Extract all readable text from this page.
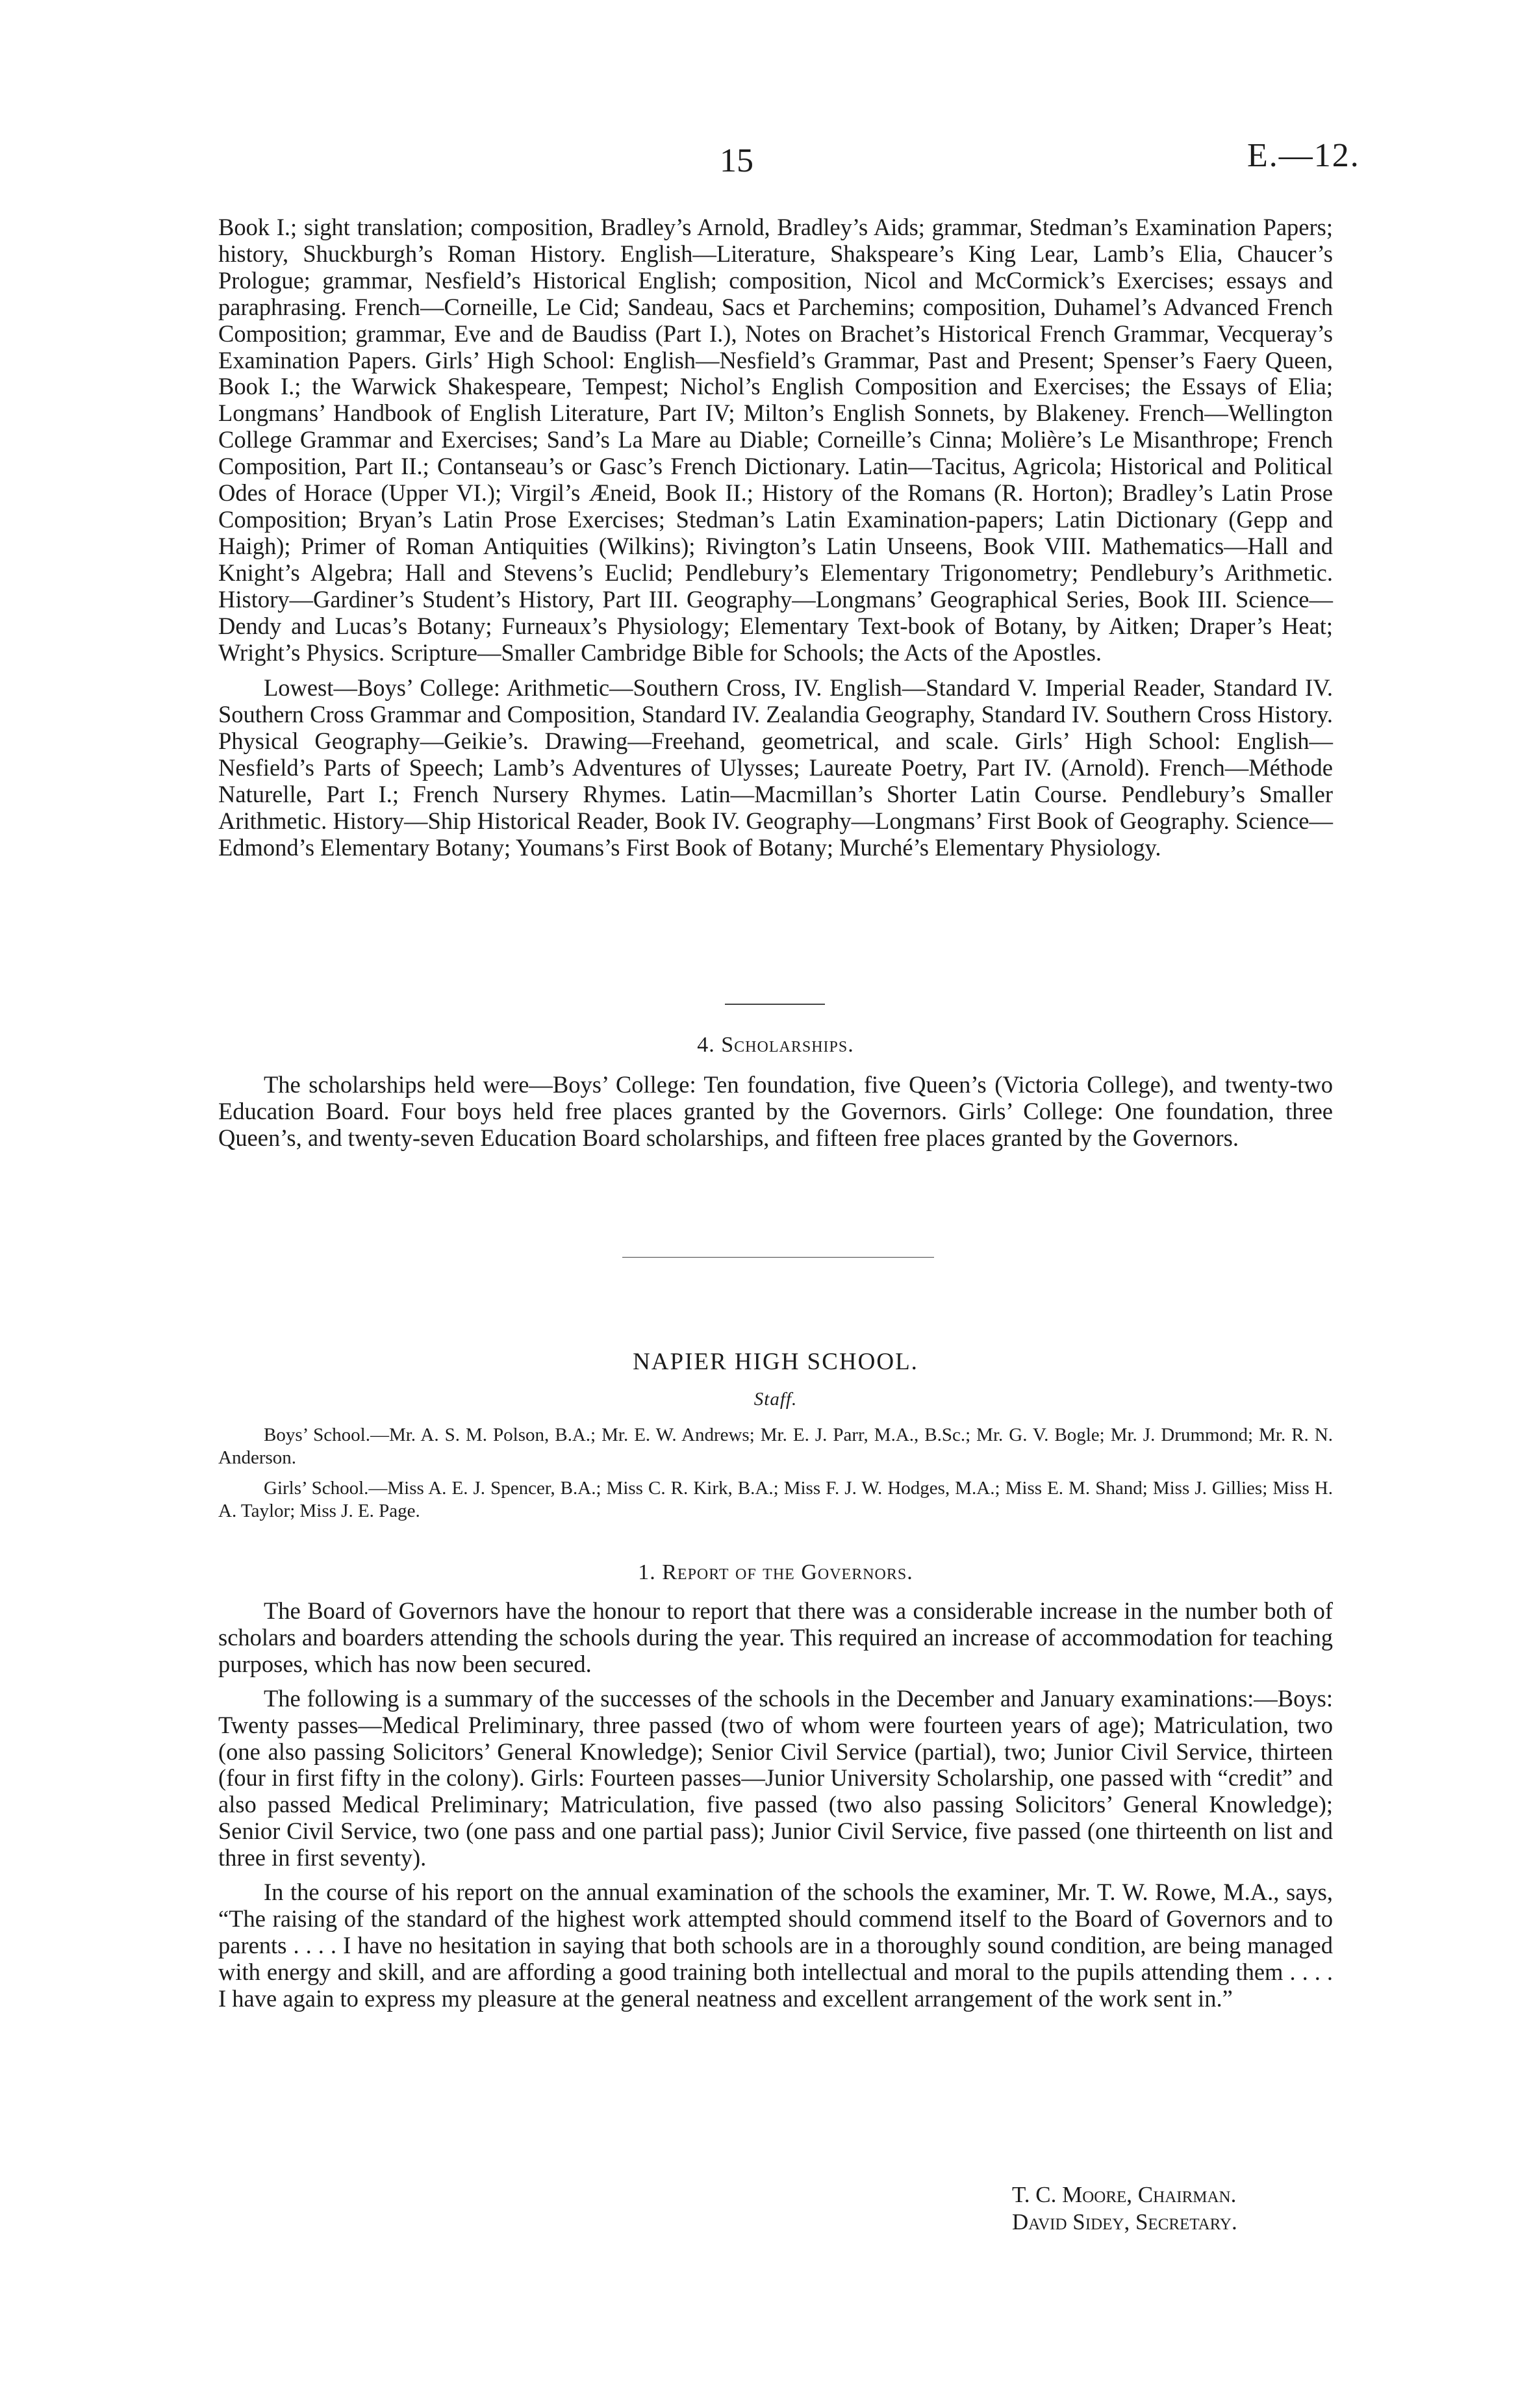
15	E.—12.

Book I.; sight translation; composition, Bradley’s Arnold, Bradley’s Aids; grammar, Stedman’s Examination Papers; history, Shuckburgh’s Roman History. English—Literature, Shakspeare’s King Lear, Lamb’s Elia, Chaucer’s Prologue; grammar, Nesfield’s Historical English; composition, Nicol and McCormick’s Exercises; essays and paraphrasing. French—Corneille, Le Cid; Sandeau, Sacs et Parchemins; composition, Duhamel’s Advanced French Composition; grammar, Eve and de Baudiss (Part I.), Notes on Brachet’s Historical French Grammar, Vecqueray’s Examination Papers. Girls’ High School: English—Nesfield’s Grammar, Past and Present; Spenser’s Faery Queen, Book I.; the Warwick Shakespeare, Tempest; Nichol’s English Composition and Exercises; the Essays of Elia; Longmans’ Handbook of English Literature, Part IV; Milton’s English Sonnets, by Blakeney. French—Wellington College Grammar and Exercises; Sand’s La Mare au Diable; Corneille’s Cinna; Molière’s Le Misanthrope; French Composition, Part II.; Contanseau’s or Gasc’s French Dictionary. Latin—Tacitus, Agricola; Historical and Political Odes of Horace (Upper VI.); Virgil’s Æneid, Book II.; History of the Romans (R. Horton); Bradley’s Latin Prose Composition; Bryan’s Latin Prose Exercises; Stedman’s Latin Examination-papers; Latin Dictionary (Gepp and Haigh); Primer of Roman Antiquities (Wilkins); Rivington’s Latin Unseens, Book VIII. Mathematics—Hall and Knight’s Algebra; Hall and Stevens’s Euclid; Pendlebury’s Elementary Trigonometry; Pendlebury’s Arithmetic. History—Gardiner’s Student’s History, Part III. Geography—Longmans’ Geographical Series, Book III. Science—Dendy and Lucas’s Botany; Furneaux’s Physiology; Elementary Text-book of Botany, by Aitken; Draper’s Heat; Wright’s Physics. Scripture—Smaller Cambridge Bible for Schools; the Acts of the Apostles.

Lowest—Boys’ College: Arithmetic—Southern Cross, IV. English—Standard V. Imperial Reader, Standard IV. Southern Cross Grammar and Composition, Standard IV. Zealandia Geography, Standard IV. Southern Cross History. Physical Geography—Geikie’s. Drawing—Freehand, geometrical, and scale. Girls’ High School: English—Nesfield’s Parts of Speech; Lamb’s Adventures of Ulysses; Laureate Poetry, Part IV. (Arnold). French—Méthode Naturelle, Part I.; French Nursery Rhymes. Latin—Macmillan’s Shorter Latin Course. Pendlebury’s Smaller Arithmetic. History—Ship Historical Reader, Book IV. Geography—Longmans’ First Book of Geography. Science—Edmond’s Elementary Botany; Youmans’s First Book of Botany; Murché’s Elementary Physiology.

4. Scholarships.

The scholarships held were—Boys’ College: Ten foundation, five Queen’s (Victoria College), and twenty-two Education Board. Four boys held free places granted by the Governors. Girls’ College: One foundation, three Queen’s, and twenty-seven Education Board scholarships, and fifteen free places granted by the Governors.

NAPIER HIGH SCHOOL.
Staff.

Boys’ School.—Mr. A. S. M. Polson, B.A.; Mr. E. W. Andrews; Mr. E. J. Parr, M.A., B.Sc.; Mr. G. V. Bogle; Mr. J. Drummond; Mr. R. N. Anderson.

Girls’ School.—Miss A. E. J. Spencer, B.A.; Miss C. R. Kirk, B.A.; Miss F. J. W. Hodges, M.A.; Miss E. M. Shand; Miss J. Gillies; Miss H. A. Taylor; Miss J. E. Page.

1. Report of the Governors.

The Board of Governors have the honour to report that there was a considerable increase in the number both of scholars and boarders attending the schools during the year. This required an increase of accommodation for teaching purposes, which has now been secured.

The following is a summary of the successes of the schools in the December and January examinations:—Boys: Twenty passes—Medical Preliminary, three passed (two of whom were fourteen years of age); Matriculation, two (one also passing Solicitors’ General Knowledge); Senior Civil Service (partial), two; Junior Civil Service, thirteen (four in first fifty in the colony). Girls: Fourteen passes—Junior University Scholarship, one passed with “credit” and also passed Medical Preliminary; Matriculation, five passed (two also passing Solicitors’ General Knowledge); Senior Civil Service, two (one pass and one partial pass); Junior Civil Service, five passed (one thirteenth on list and three in first seventy).

In the course of his report on the annual examination of the schools the examiner, Mr. T. W. Rowe, M.A., says, “The raising of the standard of the highest work attempted should commend itself to the Board of Governors and to parents . . . . I have no hesitation in saying that both schools are in a thoroughly sound condition, are being managed with energy and skill, and are affording a good training both intellectual and moral to the pupils attending them . . . . I have again to express my pleasure at the general neatness and excellent arrangement of the work sent in.”

T. C. Moore, Chairman.
David Sidey, Secretary.
